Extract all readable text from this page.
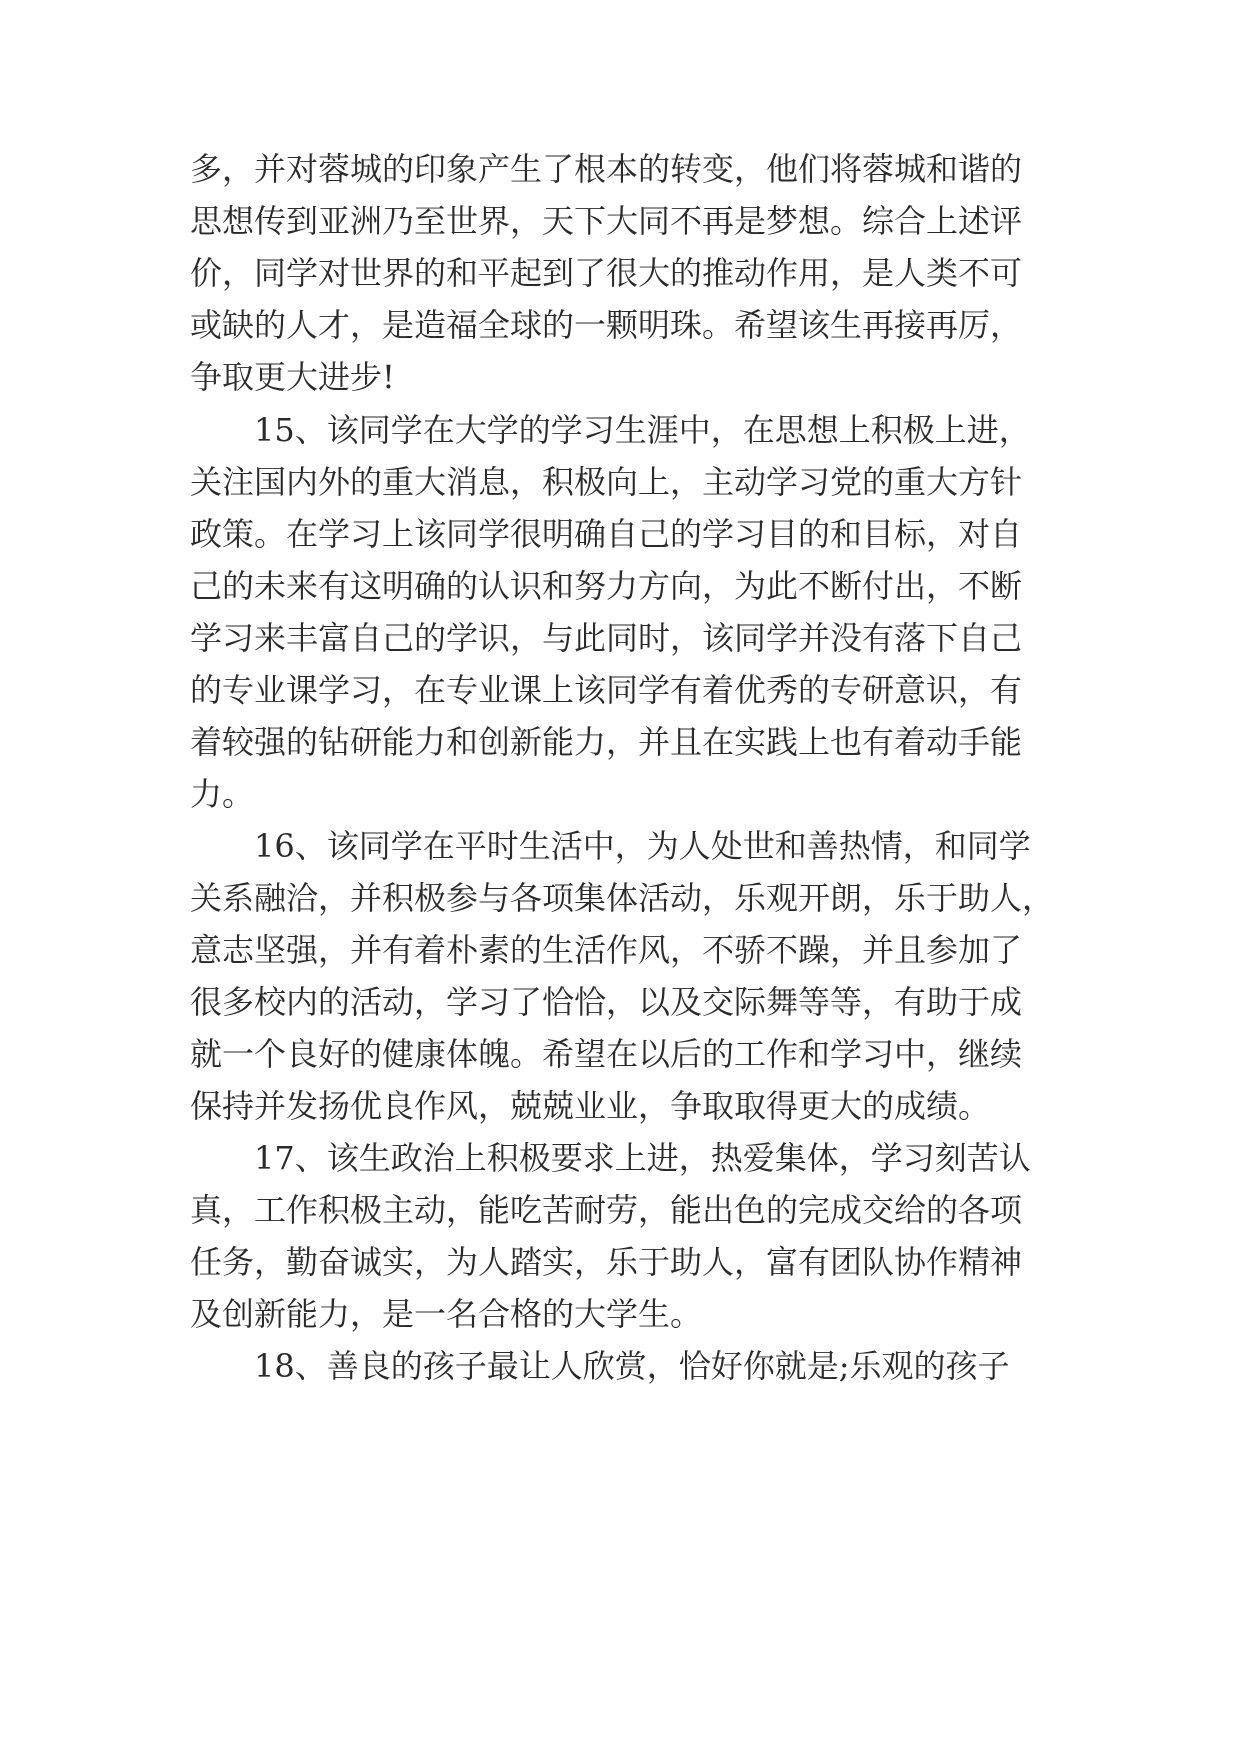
多，并对蓉城的印象产生了根本的转变，他们将蓉城和谐的
思想传到亚洲乃至世界，天下大同不再是梦想。综合上述评
价，同学对世界的和平起到了很大的推动作用，是人类不可
或缺的人才，是造福全球的一颗明珠。希望该生再接再厉，
争取更大进步!
15、该同学在大学的学习生涯中，在思想上积极上进，
关注国内外的重大消息，积极向上，主动学习党的重大方针
政策。在学习上该同学很明确自己的学习目的和目标，对自
己的未来有这明确的认识和努力方向，为此不断付出，不断
学习来丰富自己的学识，与此同时，该同学并没有落下自己
的专业课学习，在专业课上该同学有着优秀的专研意识，有
着较强的钻研能力和创新能力，并且在实践上也有着动手能
力。
16、该同学在平时生活中，为人处世和善热情，和同学
关系融洽，并积极参与各项集体活动，乐观开朗，乐于助人，
意志坚强，并有着朴素的生活作风，不骄不躁，并且参加了
很多校内的活动，学习了恰恰，以及交际舞等等，有助于成
就一个良好的健康体魄。希望在以后的工作和学习中，继续
保持并发扬优良作风，兢兢业业，争取取得更大的成绩。
17、该生政治上积极要求上进，热爱集体，学习刻苦认
真，工作积极主动，能吃苦耐劳，能出色的完成交给的各项
任务，勤奋诚实，为人踏实，乐于助人，富有团队协作精神
及创新能力，是一名合格的大学生。
18、善良的孩子最让人欣赏，恰好你就是;乐观的孩子
